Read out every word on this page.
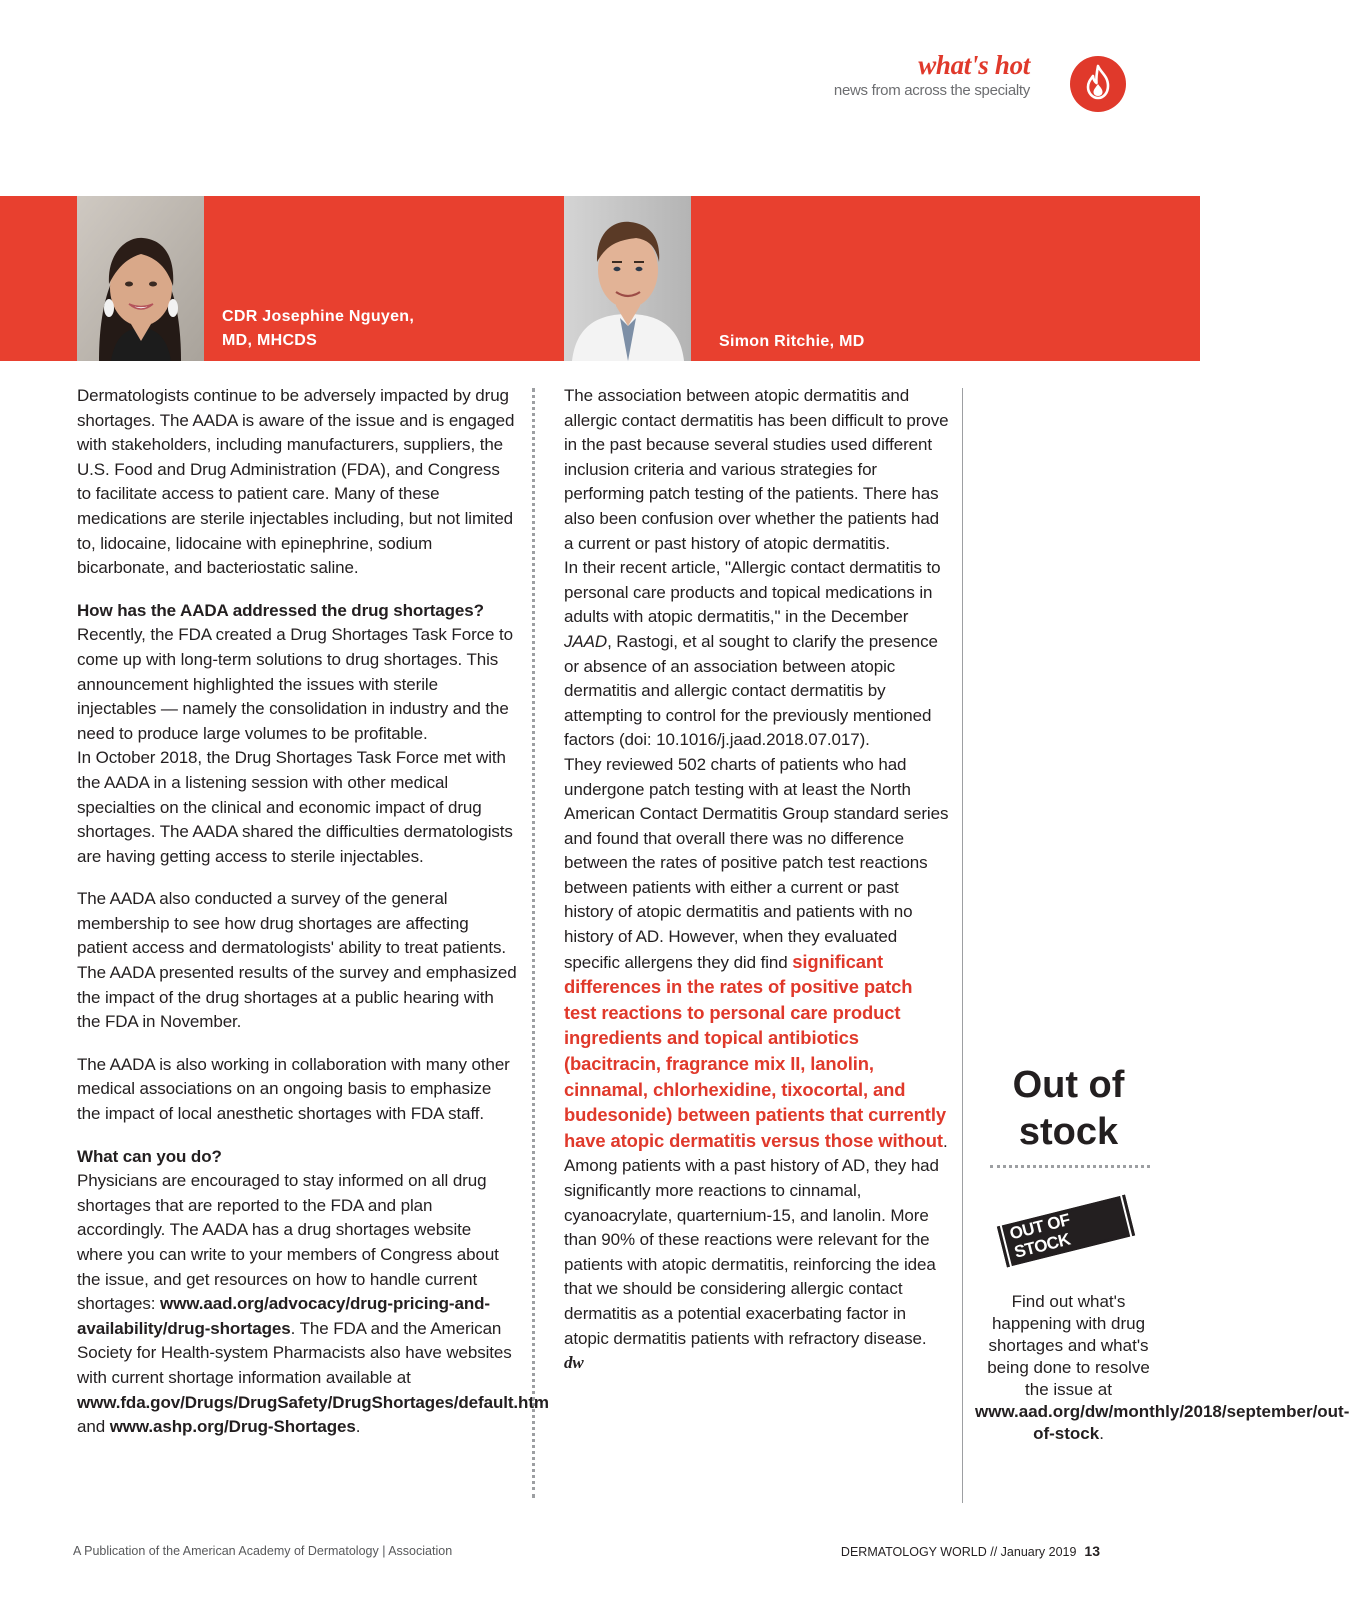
what's hot
news from across the specialty
CDR Josephine Nguyen,
MD, MHCDS	Simon Ritchie, MD

Dermatologists continue to be adversely impacted by drug shortages. The AADA is aware of the issue and is engaged with stakeholders, including manufacturers, suppliers, the U.S. Food and Drug Administration (FDA), and Congress to facilitate access to patient care. Many of these medications are sterile injectables including, but not limited to, lidocaine, lidocaine with epinephrine, sodium bicarbonate, and bacteriostatic saline.

How has the AADA addressed the drug shortages?
Recently, the FDA created a Drug Shortages Task Force to come up with long-term solutions to drug shortages. This announcement highlighted the issues with sterile injectables — namely the consolidation in industry and the need to produce large volumes to be profitable.
In October 2018, the Drug Shortages Task Force met with the AADA in a listening session with other medical specialties on the clinical and economic impact of drug shortages. The AADA shared the difficulties dermatologists are having getting access to sterile injectables.

The AADA also conducted a survey of the general membership to see how drug shortages are affecting patient access and dermatologists' ability to treat patients. The AADA presented results of the survey and emphasized the impact of the drug shortages at a public hearing with the FDA in November.

The AADA is also working in collaboration with many other medical associations on an ongoing basis to emphasize the impact of local anesthetic shortages with FDA staff.

What can you do?
Physicians are encouraged to stay informed on all drug shortages that are reported to the FDA and plan accordingly. The AADA has a drug shortages website where you can write to your members of Congress about the issue, and get resources on how to handle current shortages: www.aad.org/advocacy/drug-pricing-and-availability/drug-shortages. The FDA and the American Society for Health-system Pharmacists also have websites with current shortage information available at www.fda.gov/Drugs/DrugSafety/DrugShortages/default.htm and www.ashp.org/Drug-Shortages.

The association between atopic dermatitis and allergic contact dermatitis has been difficult to prove in the past because several studies used different inclusion criteria and various strategies for performing patch testing of the patients. There has also been confusion over whether the patients had a current or past history of atopic dermatitis.

In their recent article, "Allergic contact dermatitis to personal care products and topical medications in adults with atopic dermatitis," in the December JAAD, Rastogi, et al sought to clarify the presence or absence of an association between atopic dermatitis and allergic contact dermatitis by attempting to control for the previously mentioned factors (doi: 10.1016/j.jaad.2018.07.017).

They reviewed 502 charts of patients who had undergone patch testing with at least the North American Contact Dermatitis Group standard series and found that overall there was no difference between the rates of positive patch test reactions between patients with either a current or past history of atopic dermatitis and patients with no history of AD. However, when they evaluated specific allergens they did find significant differences in the rates of positive patch test reactions to personal care product ingredients and topical antibiotics (bacitracin, fragrance mix II, lanolin, cinnamal, chlorhexidine, tixocortal, and budesonide) between patients that currently have atopic dermatitis versus those without.

Among patients with a past history of AD, they had significantly more reactions to cinnamal, cyanoacrylate, quarternium-15, and lanolin. More than 90% of these reactions were relevant for the patients with atopic dermatitis, reinforcing the idea that we should be considering allergic contact dermatitis as a potential exacerbating factor in atopic dermatitis patients with refractory disease. dw

Out of stock
OUT OF STOCK
Find out what's happening with drug shortages and what's being done to resolve the issue at www.aad.org/dw/monthly/2018/september/out-of-stock.
A Publication of the American Academy of Dermatology | Association	DERMATOLOGY WORLD // January 2019 13
